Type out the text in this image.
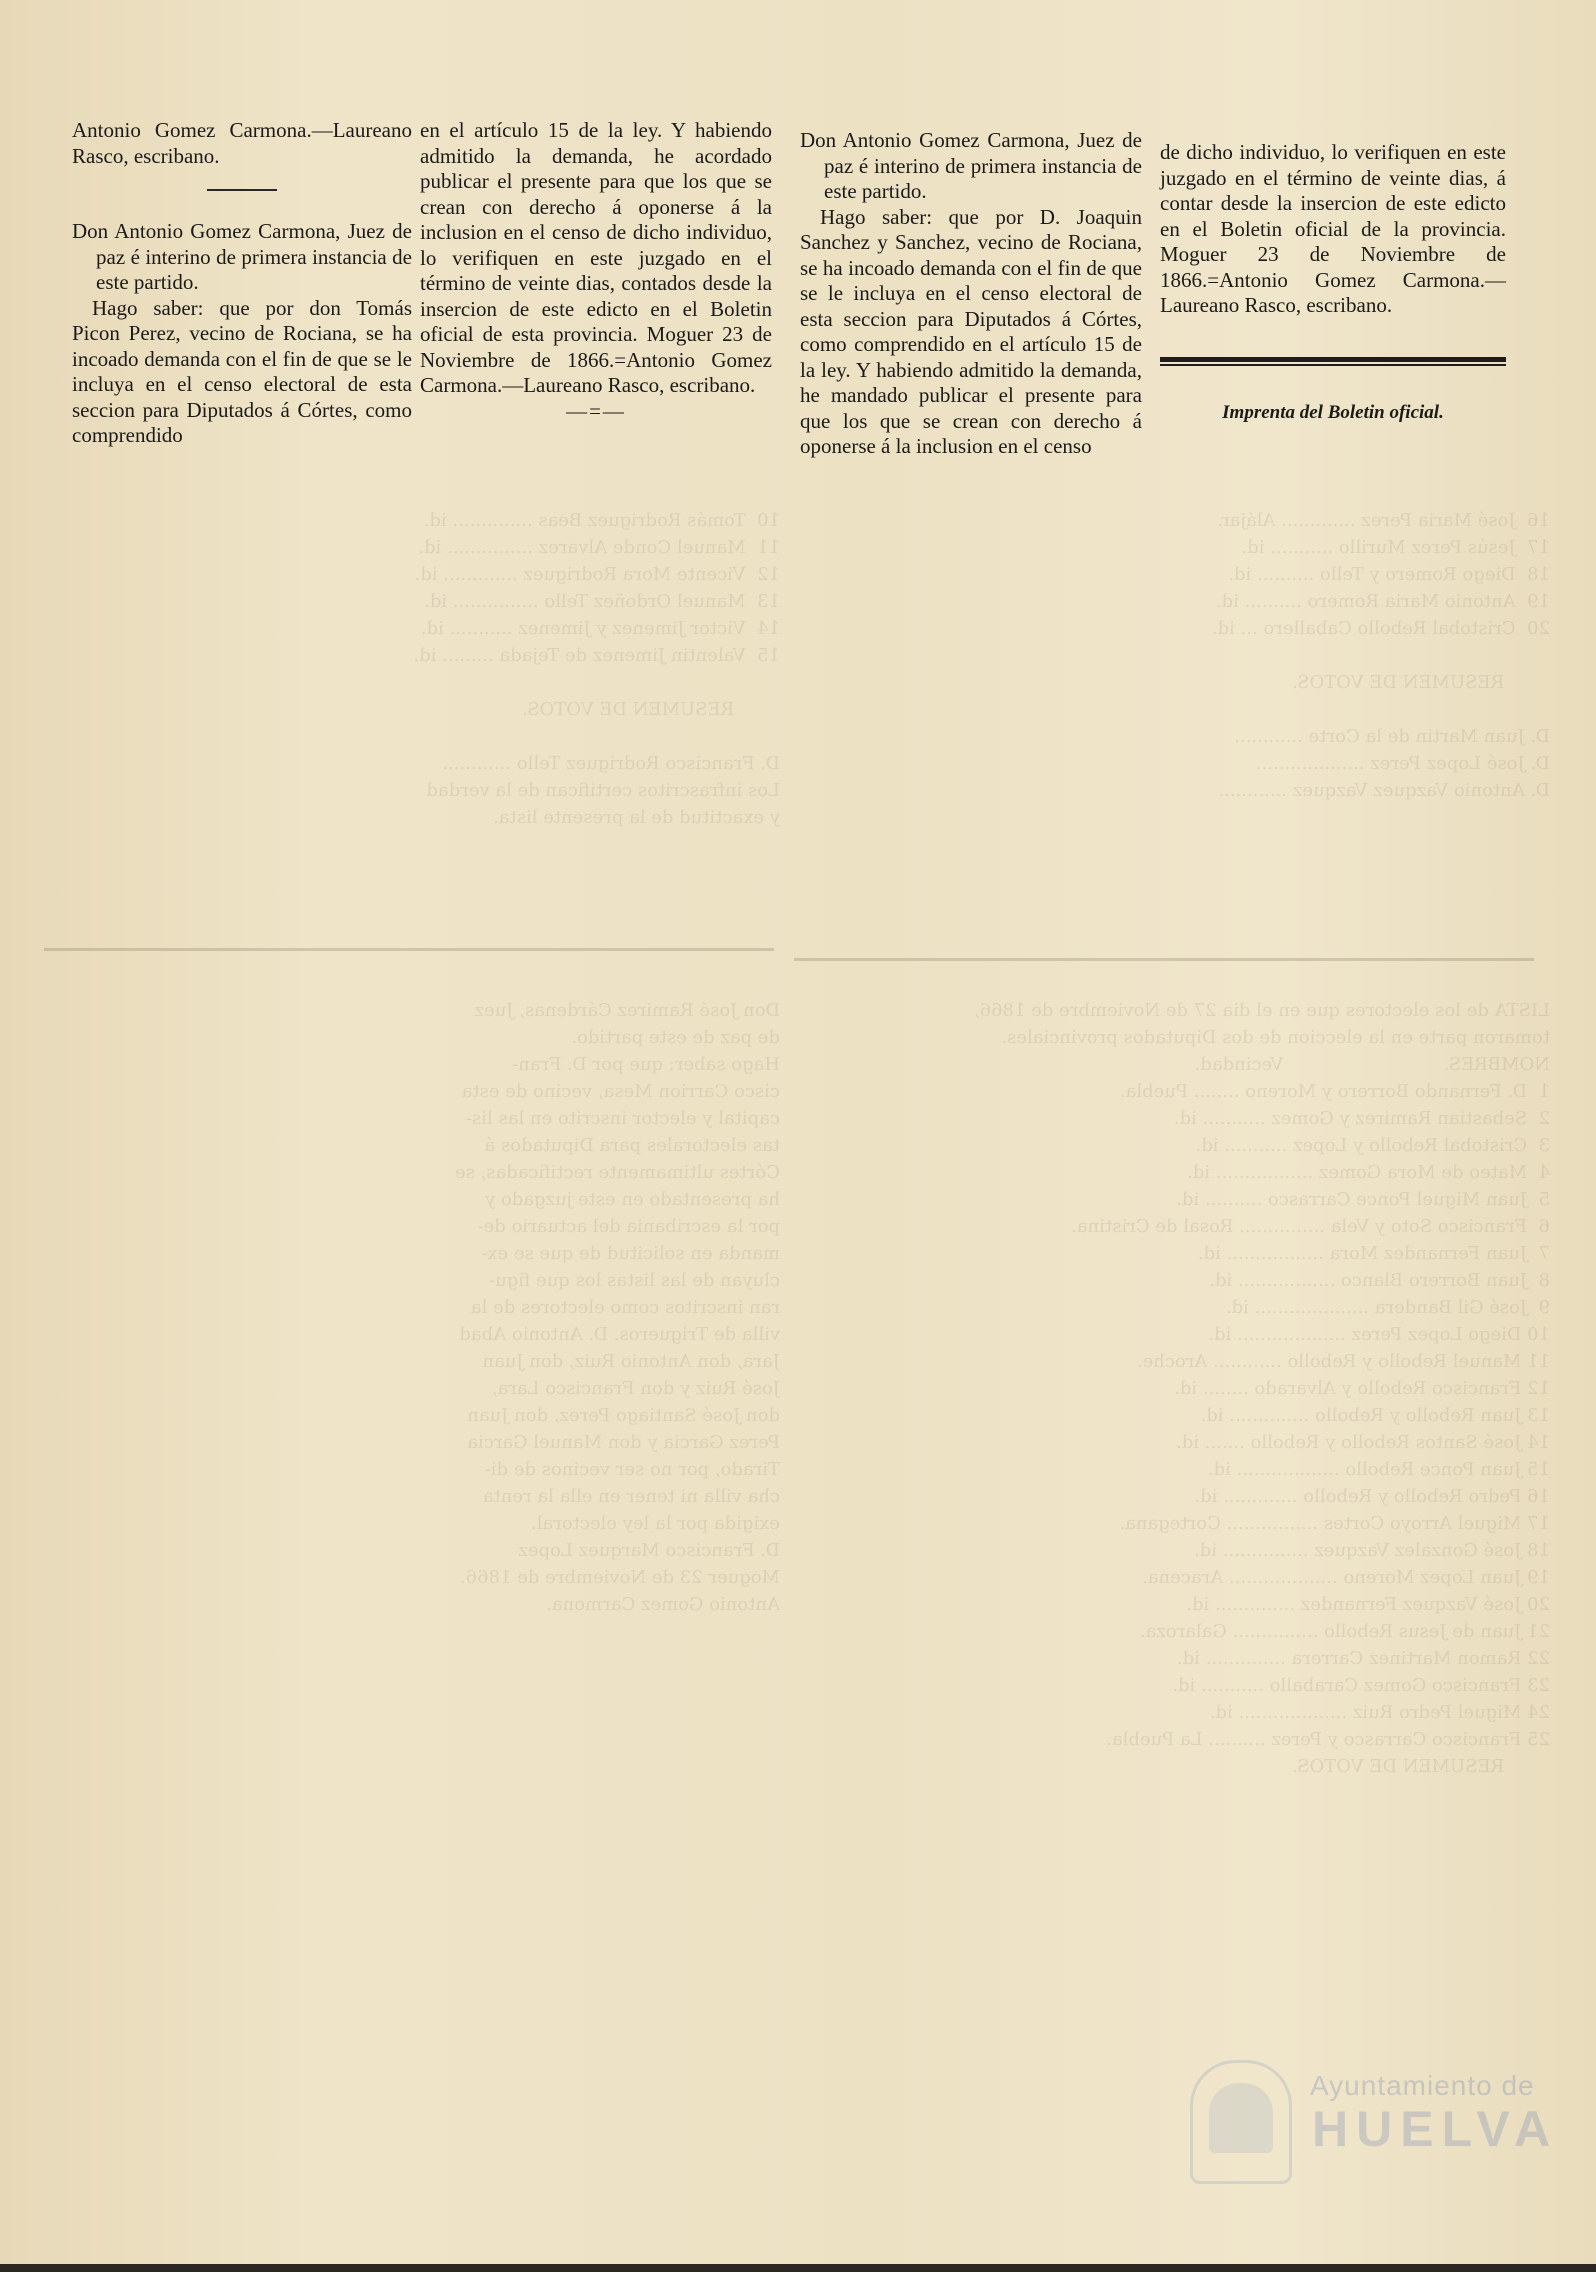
10  Tomás Rodriguez Beas .............. id.
11  Manuel Conde Alvarez ............... id.
12  Vicente Mora Rodriguez ............. id.
13  Manuel Ordoñez Tello ............... id.
14  Victor Jimenez y Jimenez ........... id.
15  Valentin Jimenez de Tejada ......... id.

RESUMEN DE VOTOS.

D. Francisco Rodriguez Tello ............
Los infrascritos certifican de la verdad
y exactitud de la presente lista.

16  José Maria Perez ............. Alájar.
17  Jesús Perez Murillo ........... id.
18  Diego Romero y Tello .......... id.
19  Antonio Maria Romero .......... id.
20  Cristobal Rebollo Caballero ... id.

RESUMEN DE VOTOS.

D. Juan Martin de la Corte ............
D. José Lopez Perez ...................
D. Antonio Vazquez Vazquez ............

Don José Ramirez Cárdenas, Juez
de paz de este partido.
Hago saber: que por D. Fran-
cisco Carrion Mesa, vecino de esta
capital y elector inscrito en las lis-
tas electorales para Diputados á
Córtes ultimamente rectificadas, se
ha presentado en este juzgado y
por la escribania del actuario de-
manda en solicitud de que se ex-
cluyan de las listas los que figu-
ran inscritos como electores de la
villa de Trigueros. D. Antonio Abad
Jara, don Antonio Ruiz, don Juan
José Ruiz y don Francisco Lara,
don José Santiago Perez, don Juan
Perez Garcia y don Manuel Garcia
Tirado, por no ser vecinos de di-
cha villa ni tener en ella la renta
exigida por la ley electoral.
D. Francisco Marquez Lopez
Moguer 23 de Noviembre de 1866.
Antonio Gomez Carmona.

LISTA de los electores que en el dia 27 de Noviembre de 1866,
tomaron parte en la eleccion de dos Diputados provinciales.
NOMBRES.                            Vecindad.
1  D. Fernando Borrero y Moreno ........ Puebla.
2  Sebastian Ramirez y Gomez ........... id.
3  Cristobal Rebollo y Lopez ........... id.
4  Mateo de Mora Gomez ................. id.
5  Juan Miguel Ponce Carrasco .......... id.
6  Francisco Soto y Vela ............... Rosal de Cristina.
7  Juan Fernandez Mora ................. id.
8  Juan Borrero Blanco ................. id.
9  José Gil Bandera .................... id.
10 Diego Lopez Perez ................... id.
11 Manuel Rebollo y Rebollo ............ Aroche.
12 Francisco Rebollo y Alvarado ........ id.
13 Juan Rebollo y Rebollo .............. id.
14 José Santos Rebollo y Rebollo ....... id.
15 Juan Ponce Rebollo .................. id.
16 Pedro Rebollo y Rebollo ............. id.
17 Miguel Arroyo Cortes ................ Cortegana.
18 José Gonzalez Vazquez ............... id.
19 Juan Lopez Moreno ................... Aracena.
20 José Vazquez Fernandez .............. id.
21 Juan de Jesus Rebollo ............... Galaroza.
22 Ramon Martinez Carrera .............. id.
23 Francisco Gomez Caraballo ........... id.
24 Miguel Pedro Ruiz ................... id.
25 Francisco Carrasco y Perez .......... La Puebla.
RESUMEN DE VOTOS.

Antonio Gomez Carmona.—Laureano Rasco, escribano.

Don Antonio Gomez Carmona, Juez de paz é interino de primera instancia de este partido.

Hago saber: que por don Tomás Picon Perez, vecino de Rociana, se ha incoado demanda con el fin de que se le incluya en el censo electoral de esta seccion para Diputados á Córtes, como comprendido

en el artículo 15 de la ley. Y habiendo admitido la demanda, he acordado publicar el presente para que los que se crean con derecho á oponerse á la inclusion en el censo de dicho individuo, lo verifiquen en este juzgado en el término de veinte dias, contados desde la insercion de este edicto en el Boletin oficial de esta provincia. Moguer 23 de Noviembre de 1866.=Antonio Gomez Carmona.—Laureano Rasco, escribano.

—=—

Don Antonio Gomez Carmona, Juez de paz é interino de primera instancia de este partido.

Hago saber: que por D. Joaquin Sanchez y Sanchez, vecino de Rociana, se ha incoado demanda con el fin de que se le incluya en el censo electoral de esta seccion para Diputados á Córtes, como comprendido en el artículo 15 de la ley. Y habiendo admitido la demanda, he mandado publicar el presente para que los que se crean con derecho á oponerse á la inclusion en el censo

de dicho individuo, lo verifiquen en este juzgado en el término de veinte dias, á contar desde la insercion de este edicto en el Boletin oficial de la provincia. Moguer 23 de Noviembre de 1866.=Antonio Gomez Carmona.—Laureano Rasco, escribano.

Imprenta del Boletin oficial.

Ayuntamiento de
HUELVA
